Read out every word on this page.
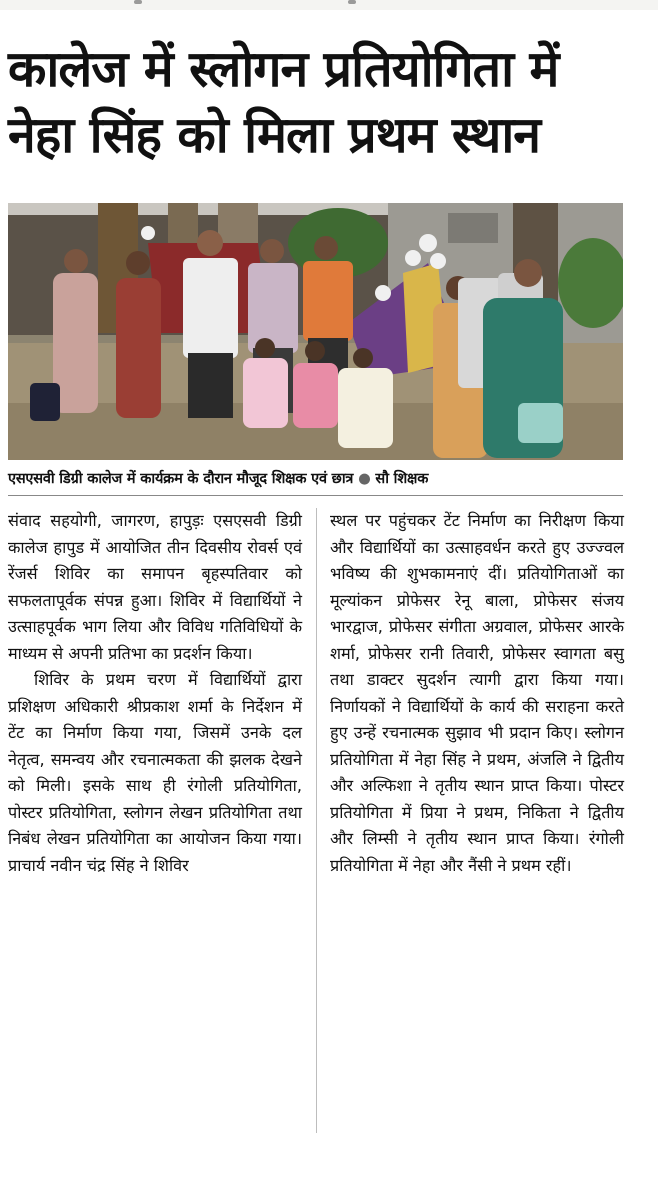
कालेज में स्लोगन प्रतियोगिता में
नेहा सिंह को मिला प्रथम स्थान
एसएसवी डिग्री कालेज में कार्यक्रम के दौरान मौजूद शिक्षक एवं छात्र ● सौ शिक्षक

संवाद सहयोगी, जागरण, हापुड़ः एसएसवी डिग्री कालेज हापुड में आयोजित तीन दिवसीय रोवर्स एवं रेंजर्स शिविर का समापन बृहस्पतिवार को सफलतापूर्वक संपन्न हुआ। शिविर में विद्यार्थियों ने उत्साहपूर्वक भाग लिया और विविध गतिविधियों के माध्यम से अपनी प्रतिभा का प्रदर्शन किया।

शिविर के प्रथम चरण में विद्यार्थियों द्वारा प्रशिक्षण अधिकारी श्रीप्रकाश शर्मा के निर्देशन में टेंट का निर्माण किया गया, जिसमें उनके दल नेतृत्व, समन्वय और रचनात्मकता की झलक देखने को मिली। इसके साथ ही रंगोली प्रतियोगिता, पोस्टर प्रतियोगिता, स्लोगन लेखन प्रतियोगिता तथा निबंध लेखन प्रतियोगिता का आयोजन किया गया। प्राचार्य नवीन चंद्र सिंह ने शिविर

स्थल पर पहुंचकर टेंट निर्माण का निरीक्षण किया और विद्यार्थियों का उत्साहवर्धन करते हुए उज्ज्वल भविष्य की शुभकामनाएं दीं। प्रतियोगिताओं का मूल्यांकन प्रोफेसर रेनू बाला, प्रोफेसर संजय भारद्वाज, प्रोफेसर संगीता अग्रवाल, प्रोफेसर आरके शर्मा, प्रोफेसर रानी तिवारी, प्रोफेसर स्वागता बसु तथा डाक्टर सुदर्शन त्यागी द्वारा किया गया। निर्णायकों ने विद्यार्थियों के कार्य की सराहना करते हुए उन्हें रचनात्मक सुझाव भी प्रदान किए। स्लोगन प्रतियोगिता में नेहा सिंह ने प्रथम, अंजलि ने द्वितीय और अल्फिशा ने तृतीय स्थान प्राप्त किया। पोस्टर प्रतियोगिता में प्रिया ने प्रथम, निकिता ने द्वितीय और लिम्सी ने तृतीय स्थान प्राप्त किया। रंगोली प्रतियोगिता में नेहा और नैंसी ने प्रथम रहीं।
